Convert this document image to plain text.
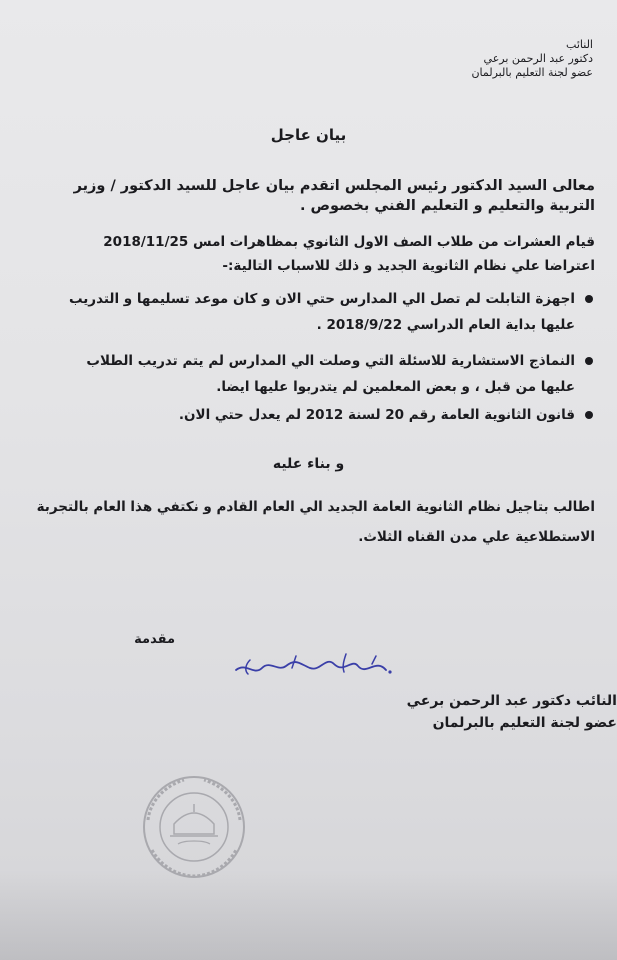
النائب
دكتور عبد الرحمن برعي
عضو لجنة التعليم بالبرلمان
بيان عاجل
معالى السيد الدكتور رئيس المجلس اتقدم بيان عاجل للسيد الدكتور / وزير
التربية والتعليم و التعليم الفني بخصوص .
قيام العشرات من طلاب الصف الاول الثانوي بمظاهرات امس 2018/11/25
اعتراضا علي نظام الثانوية الجديد و ذلك للاسباب التالية:-
اجهزة التابلت لم تصل الي المدارس حتي الان و كان موعد تسليمها و التدريب
عليها بداية العام الدراسي 2018/9/22 .
النماذج الاستشارية للاسئلة التي وصلت الي المدارس لم يتم تدريب الطلاب
عليها من قبل ، و بعض المعلمين لم يتدربوا عليها ايضا.
قانون الثانوية العامة رقم 20 لسنة 2012 لم يعدل حتي الان.
و بناء عليه
اطالب بتاجيل نظام الثانوية العامة الجديد الي العام القادم و نكتفي هذا العام بالتجربة
الاستطلاعية علي مدن القناه الثلاث.
مقدمة
النائب دكتور عبد الرحمن برعي
عضو لجنة التعليم بالبرلمان
